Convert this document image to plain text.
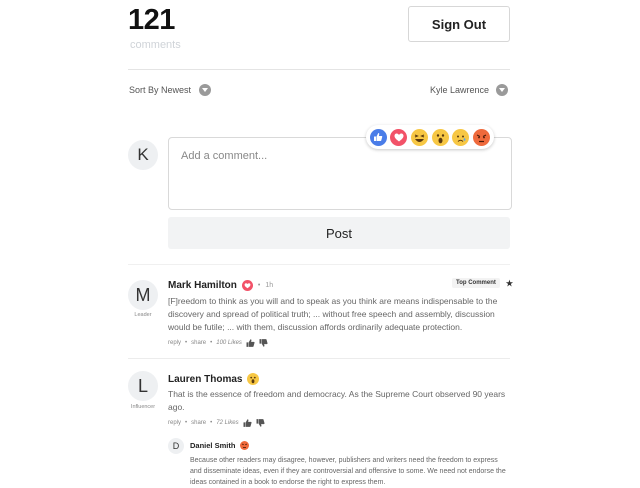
121
comments
Sign Out
Sort By Newest	Kyle Lawrence
K
Add a comment...
Post
M
Leader
Mark Hamilton	• 1h	Top Comment	★
[F]reedom to think as you will and to speak as you think are means indispensable to the
discovery and spread of political truth; ... without free speech and assembly, discussion
would be futile; ... with them, discussion affords ordinarily adequate protection.
reply • share • 100 Likes
L
Influencer
Lauren Thomas
That is the essence of freedom and democracy. As the Supreme Court observed 90 years
ago.
reply • share • 72 Likes
D	Daniel Smith
Because other readers may disagree, however, publishers and writers need the freedom to express
and disseminate ideas, even if they are controversial and offensive to some. We need not endorse the
ideas contained in a book to endorse the right to express them.
